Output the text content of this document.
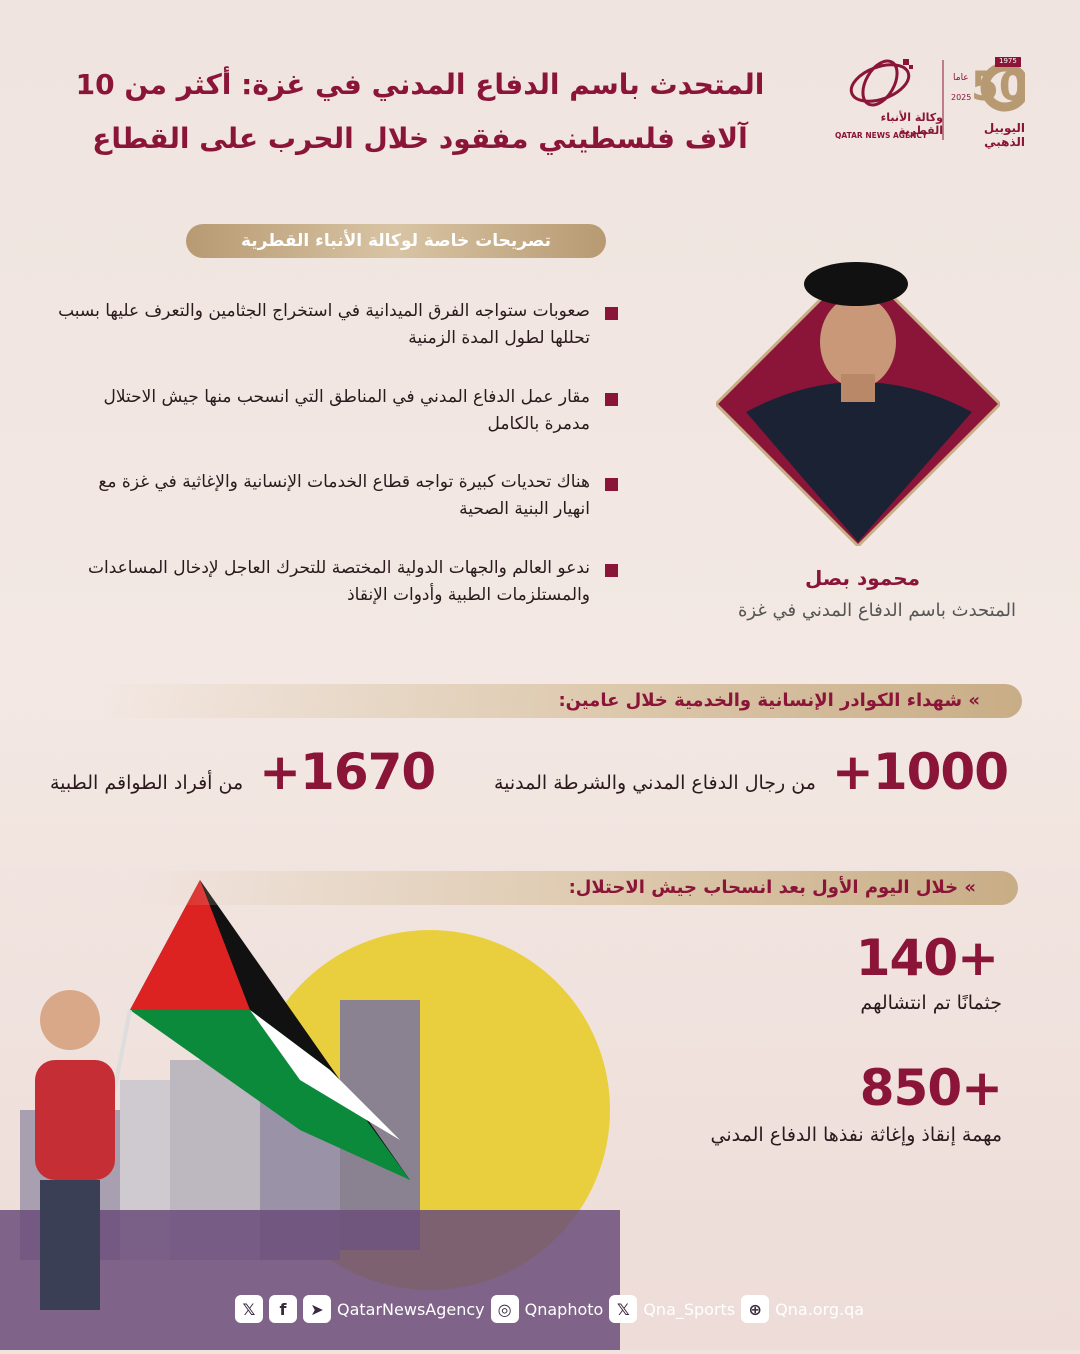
المتحدث باسم الدفاع المدني في غزة: أكثر من 10
آلاف فلسطيني مفقود خلال الحرب على القطاع
1975
عاما
2025 50
وكالة الأنباء القطرية
QATAR NEWS AGENCY
اليوبيل الذهبي
تصريحات خاصة لوكالة الأنباء القطرية
صعوبات ستواجه الفرق الميدانية في استخراج الجثامين والتعرف عليها بسبب تحللها لطول المدة الزمنية
مقار عمل الدفاع المدني في المناطق التي انسحب منها جيش الاحتلال مدمرة بالكامل
هناك تحديات كبيرة تواجه قطاع الخدمات الإنسانية والإغاثية في غزة مع انهيار البنية الصحية
ندعو العالم والجهات الدولية المختصة للتحرك العاجل لإدخال المساعدات والمستلزمات الطبية وأدوات الإنقاذ
محمود بصل
المتحدث باسم الدفاع المدني في غزة
» شهداء الكوادر الإنسانية والخدمية خلال عامين:
1000+
من رجال الدفاع المدني والشرطة المدنية
1670+
من أفراد الطواقم الطبية
» خلال اليوم الأول بعد انسحاب جيش الاحتلال:
140+
جثمانًا تم انتشالهم
850+
مهمة إنقاذ وإغاثة نفذها الدفاع المدني
𝕏	f	➤ QatarNewsAgency ◎ Qnaphoto 𝕏 Qna_Sports ⊕ Qna.org.qa
